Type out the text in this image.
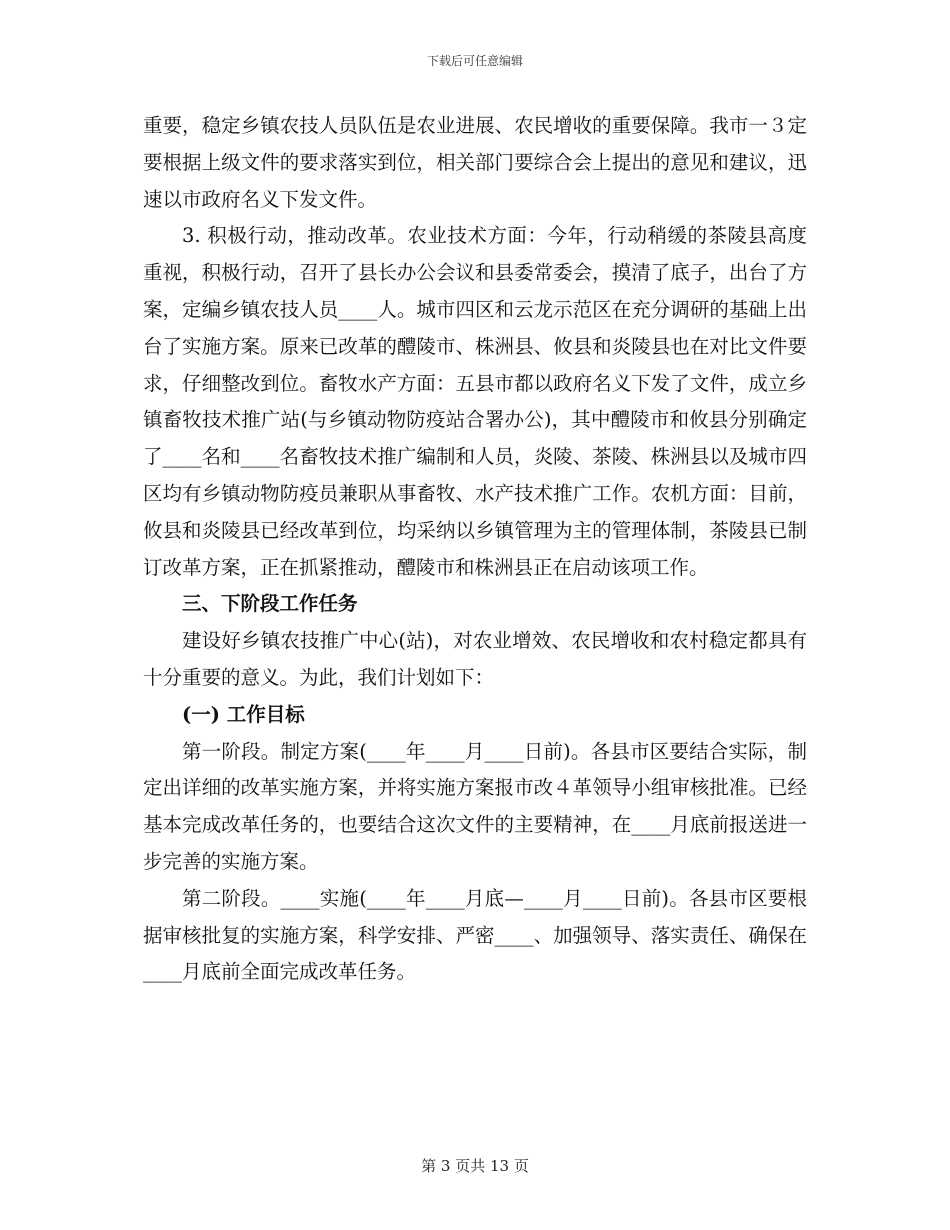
下载后可任意编辑

重要，稳定乡镇农技人员队伍是农业进展、农民增收的重要保障。我市一３定要根据上级文件的要求落实到位，相关部门要综合会上提出的意见和建议，迅速以市政府名义下发文件。

3. 积极行动，推动改革。农业技术方面：今年，行动稍缓的茶陵县高度重视，积极行动，召开了县长办公会议和县委常委会，摸清了底子，出台了方案，定编乡镇农技人员____人。城市四区和云龙示范区在充分调研的基础上出台了实施方案。原来已改革的醴陵市、株洲县、攸县和炎陵县也在对比文件要求，仔细整改到位。畜牧水产方面：五县市都以政府名义下发了文件，成立乡镇畜牧技术推广站(与乡镇动物防疫站合署办公)，其中醴陵市和攸县分别确定了____名和____名畜牧技术推广编制和人员，炎陵、茶陵、株洲县以及城市四区均有乡镇动物防疫员兼职从事畜牧、水产技术推广工作。农机方面：目前，攸县和炎陵县已经改革到位，均采纳以乡镇管理为主的管理体制，茶陵县已制订改革方案，正在抓紧推动，醴陵市和株洲县正在启动该项工作。

三、下阶段工作任务

建设好乡镇农技推广中心(站)，对农业增效、农民增收和农村稳定都具有十分重要的意义。为此，我们计划如下：

(一) 工作目标

第一阶段。制定方案(____年____月____日前)。各县市区要结合实际，制定出详细的改革实施方案，并将实施方案报市改４革领导小组审核批准。已经基本完成改革任务的，也要结合这次文件的主要精神，在____月底前报送进一步完善的实施方案。

第二阶段。____实施(____年____月底—____月____日前)。各县市区要根据审核批复的实施方案，科学安排、严密____、加强领导、落实责任、确保在____月底前全面完成改革任务。

第 3 页共 13 页
